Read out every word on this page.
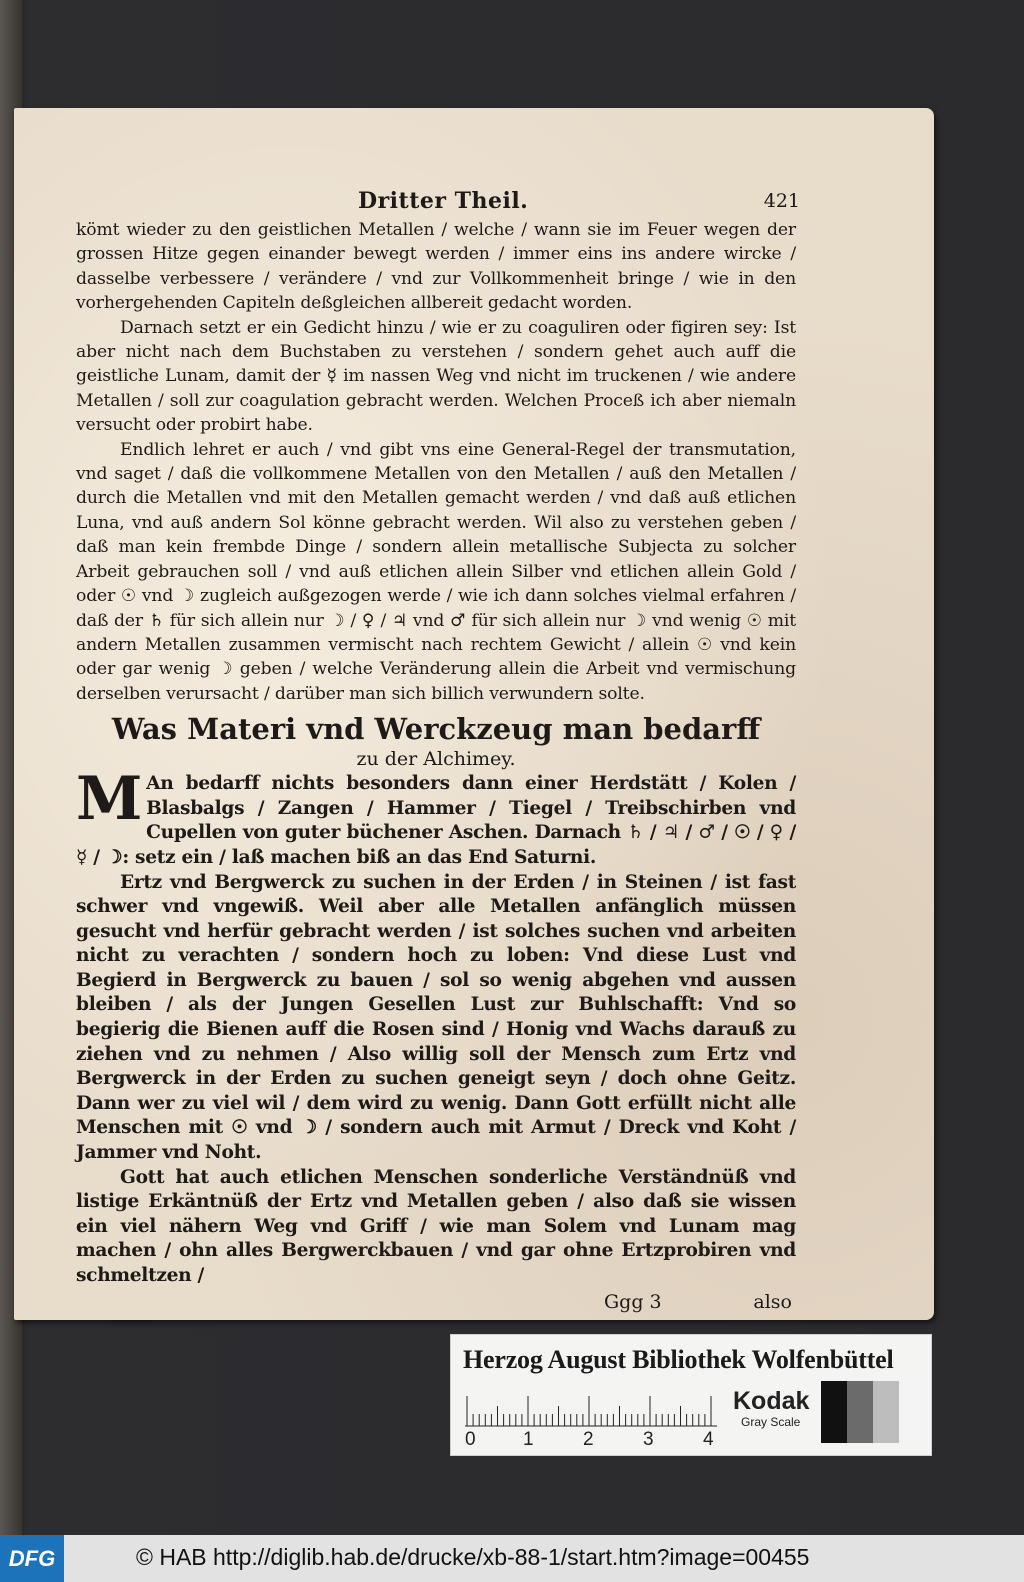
Dritter Theil.	421

kömt wieder zu den geistlichen Metallen / welche / wann sie im Feuer wegen der grossen Hitze gegen einander bewegt werden / immer eins ins andere wircke / dasselbe verbessere / verändere / vnd zur Vollkommenheit bringe / wie in den vorhergehenden Capiteln deßgleichen allbereit gedacht worden.

Darnach setzt er ein Gedicht hinzu / wie er zu coaguliren oder figiren sey: Ist aber nicht nach dem Buchstaben zu verstehen / sondern gehet auch auff die geistliche Lunam, damit der ☿ im nassen Weg vnd nicht im truckenen / wie andere Metallen / soll zur coagulation gebracht werden. Welchen Proceß ich aber niemaln versucht oder probirt habe.

Endlich lehret er auch / vnd gibt vns eine General-Regel der transmutation, vnd saget / daß die vollkommene Metallen von den Metallen / auß den Metallen / durch die Metallen vnd mit den Metallen gemacht werden / vnd daß auß etlichen Luna, vnd auß andern Sol könne gebracht werden. Wil also zu verstehen geben / daß man kein frembde Dinge / sondern allein metallische Subjecta zu solcher Arbeit gebrauchen soll / vnd auß etlichen allein Silber vnd etlichen allein Gold / oder ☉ vnd ☽ zugleich außgezogen werde / wie ich dann solches vielmal erfahren / daß der ♄ für sich allein nur ☽ / ♀ / ♃ vnd ♂ für sich allein nur ☽ vnd wenig ☉ mit andern Metallen zusammen vermischt nach rechtem Gewicht / allein ☉ vnd kein oder gar wenig ☽ geben / welche Veränderung allein die Arbeit vnd vermischung derselben verursacht / darüber man sich billich verwundern solte.

Was Materi vnd Werckzeug man bedarff
zu der Alchimey.

M An bedarff nichts besonders dann einer Herdstätt / Kolen / Blasbalgs / Zangen / Hammer / Tiegel / Treibschirben vnd Cupellen von guter büchener Aschen. Darnach ♄ / ♃ / ♂ / ☉ / ♀ / ☿ / ☽: setz ein / laß machen biß an das End Saturni.

Ertz vnd Bergwerck zu suchen in der Erden / in Steinen / ist fast schwer vnd vngewiß. Weil aber alle Metallen anfänglich müssen gesucht vnd herfür gebracht werden / ist solches suchen vnd arbeiten nicht zu verachten / sondern hoch zu loben: Vnd diese Lust vnd Begierd in Bergwerck zu bauen / sol so wenig abgehen vnd aussen bleiben / als der Jungen Gesellen Lust zur Buhlschafft: Vnd so begierig die Bienen auff die Rosen sind / Honig vnd Wachs darauß zu ziehen vnd zu nehmen / Also willig soll der Mensch zum Ertz vnd Bergwerck in der Erden zu suchen geneigt seyn / doch ohne Geitz. Dann wer zu viel wil / dem wird zu wenig. Dann Gott erfüllt nicht alle Menschen mit ☉ vnd ☽ / sondern auch mit Armut / Dreck vnd Koht / Jammer vnd Noht.

Gott hat auch etlichen Menschen sonderliche Verständnüß vnd listige Erkäntnüß der Ertz vnd Metallen geben / also daß sie wissen ein viel nähern Weg vnd Griff / wie man Solem vnd Lunam mag machen / ohn alles Bergwerckbauen / vnd gar ohne Ertzprobiren vnd schmeltzen /

Ggg 3	also
Herzog August Bibliothek Wolfenbüttel
0 1	2	3	4
Kodak
Gray Scale
DFG	© HAB http://diglib.hab.de/drucke/xb-88-1/start.htm?image=00455
